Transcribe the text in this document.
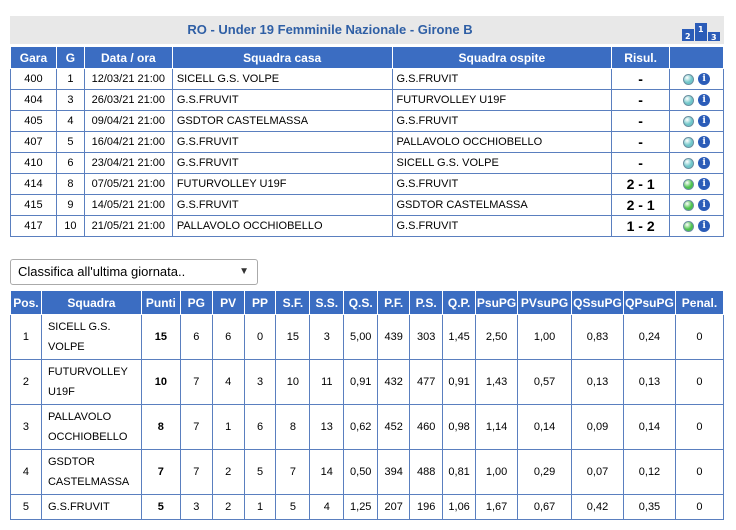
RO - Under 19 Femminile Nazionale - Girone B	2
1
3
Gara	G	Data / ora	Squadra casa	Squadra ospite	Risul.	
400	1	12/03/21 21:00	SICELL G.S. VOLPE	G.S.FRUVIT	-	i
404	3	26/03/21 21:00	G.S.FRUVIT	FUTURVOLLEY U19F	-	i
405	4	09/04/21 21:00	GSDTOR CASTELMASSA	G.S.FRUVIT	-	i
407	5	16/04/21 21:00	G.S.FRUVIT	PALLAVOLO OCCHIOBELLO	-	i
410	6	23/04/21 21:00	G.S.FRUVIT	SICELL G.S. VOLPE	-	i
414	8	07/05/21 21:00	FUTURVOLLEY U19F	G.S.FRUVIT	2 - 1	i
415	9	14/05/21 21:00	G.S.FRUVIT	GSDTOR CASTELMASSA	2 - 1	i
417	10	21/05/21 21:00	PALLAVOLO OCCHIOBELLO	G.S.FRUVIT	1 - 2	i
Classifica all'ultima giornata..	▼
Pos.	Squadra	Punti	PG	PV	PP	S.F.	S.S.	Q.S.	P.F.	P.S.	Q.P.	PsuPG	PVsuPG	QSsuPG	QPsuPG	Penal.
1	SICELL G.S. VOLPE	15	6	6	0	15	3	5,00	439	303	1,45	2,50	1,00	0,83	0,24	0
2	FUTURVOLLEY U19F	10	7	4	3	10	11	0,91	432	477	0,91	1,43	0,57	0,13	0,13	0
3	PALLAVOLO OCCHIOBELLO	8	7	1	6	8	13	0,62	452	460	0,98	1,14	0,14	0,09	0,14	0
4	GSDTOR CASTELMASSA	7	7	2	5	7	14	0,50	394	488	0,81	1,00	0,29	0,07	0,12	0
5	G.S.FRUVIT	5	3	2	1	5	4	1,25	207	196	1,06	1,67	0,67	0,42	0,35	0
